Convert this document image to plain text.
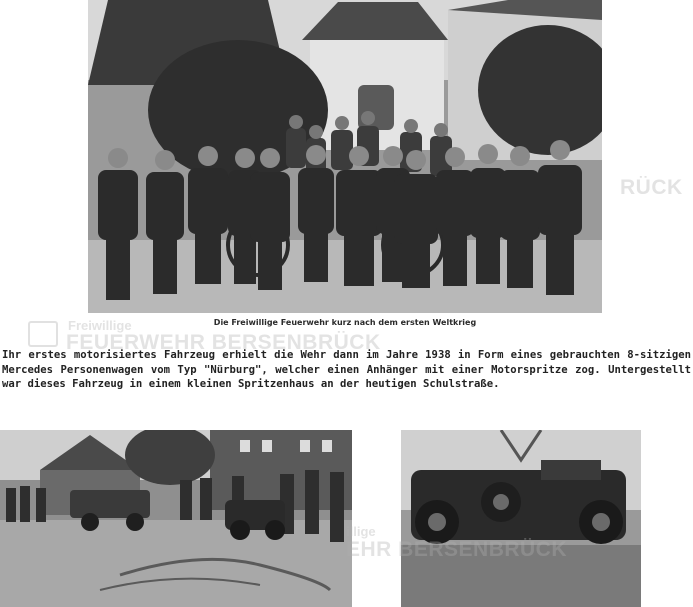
Die Freiwillige Feuerwehr kurz nach dem ersten Weltkrieg
Freiwillige
FEUERWEHR BERSENBRÜCK
RÜCK

Ihr erstes motorisiertes Fahrzeug erhielt die Wehr dann im Jahre 1938 in Form eines gebrauchten 8-sitzigen Mercedes Personenwagen vom Typ "Nürburg", welcher einen Anhänger mit einer Motorspritze zog. Untergestellt war dieses Fahrzeug in einem kleinen Spritzenhaus an der heutigen Schulstraße.

illige
EHR BERSENBRÜCK
